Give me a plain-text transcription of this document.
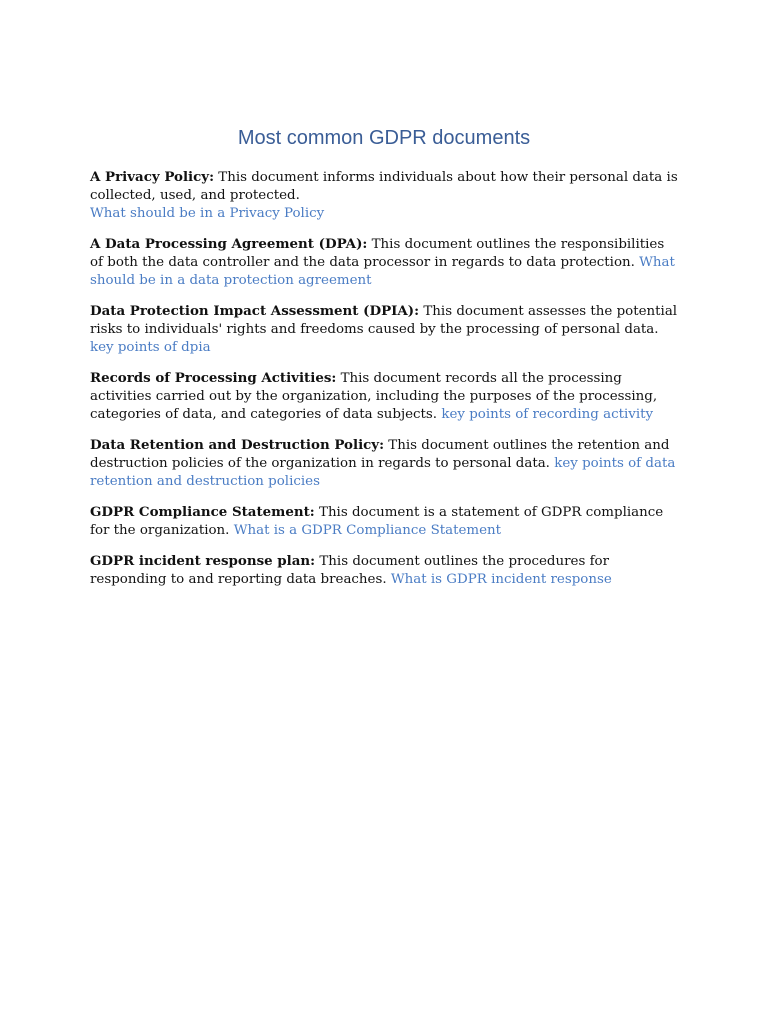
Most common GDPR documents

A Privacy Policy: This document informs individuals about how their personal data is collected, used, and protected.
What should be in a Privacy Policy

A Data Processing Agreement (DPA): This document outlines the responsibilities of both the data controller and the data processor in regards to data protection. What should be in a data protection agreement

Data Protection Impact Assessment (DPIA): This document assesses the potential risks to individuals' rights and freedoms caused by the processing of personal data. key points of dpia

Records of Processing Activities: This document records all the processing activities carried out by the organization, including the purposes of the processing, categories of data, and categories of data subjects. key points of recording activity

Data Retention and Destruction Policy: This document outlines the retention and destruction policies of the organization in regards to personal data. key points of data retention and destruction policies

GDPR Compliance Statement: This document is a statement of GDPR compliance for the organization. What is a GDPR Compliance Statement

GDPR incident response plan: This document outlines the procedures for responding to and reporting data breaches. What is GDPR incident response
